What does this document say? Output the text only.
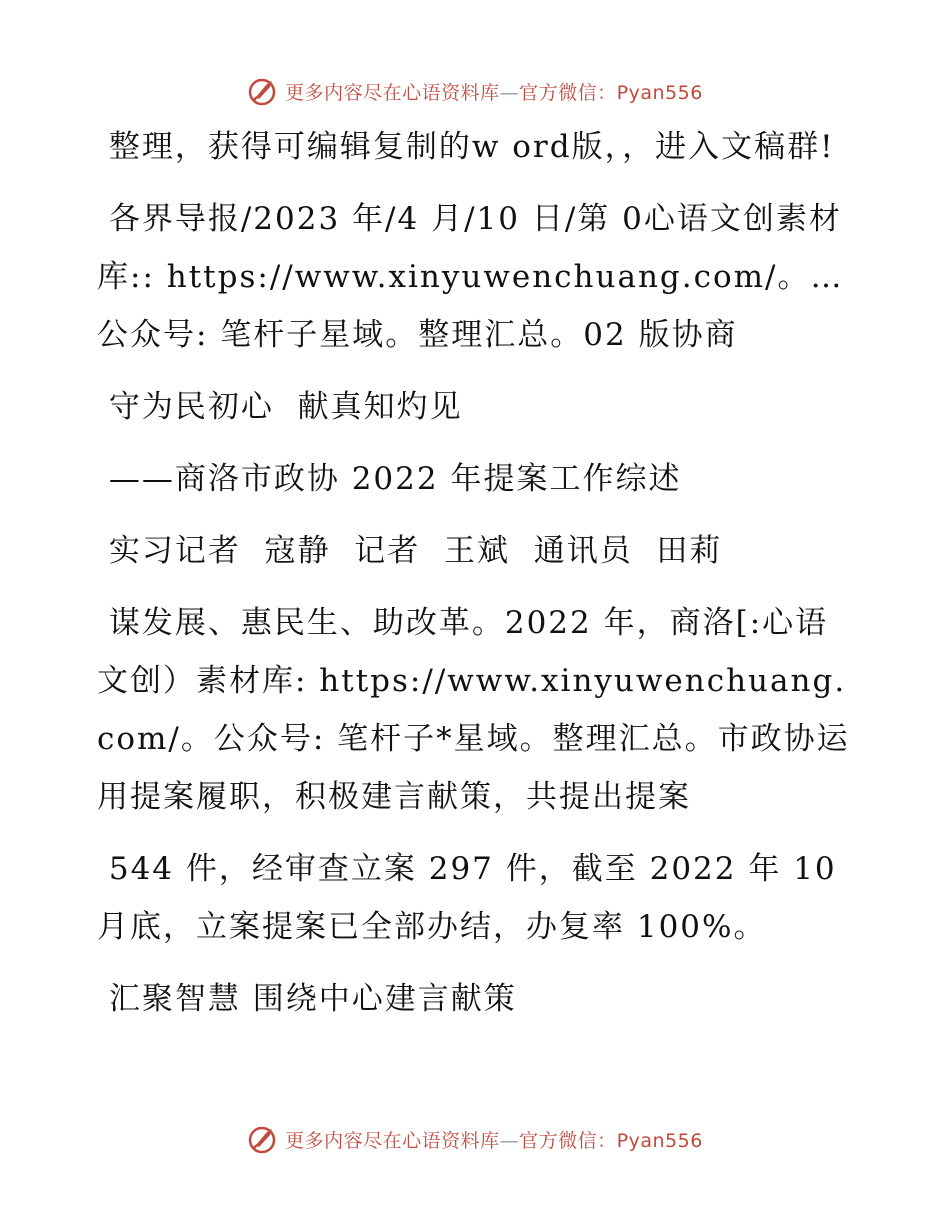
更多内容尽在心语资料库—官方微信：Pyan556

整理，获得可编辑复制的w ord版，，进入文稿群!

各界导报/2023 年/4 月/10 日/第 0心语文创素材库:: https://www.xinyuwenchuang.com/。…公众号: 笔杆子星域。整理汇总。02 版协商

守为民初心  献真知灼见

——商洛市政协 2022 年提案工作综述

实习记者  寇静  记者  王斌  通讯员  田莉

谋发展、惠民生、助改革。2022 年，商洛[:心语文创）素材库: https://www.xinyuwenchuang.com/。公众号: 笔杆子*星域。整理汇总。市政协运用提案履职，积极建言献策，共提出提案

544 件，经审查立案 297 件，截至 2022 年 10 月底，立案提案已全部办结，办复率 100%。

汇聚智慧 围绕中心建言献策

更多内容尽在心语资料库—官方微信：Pyan556
